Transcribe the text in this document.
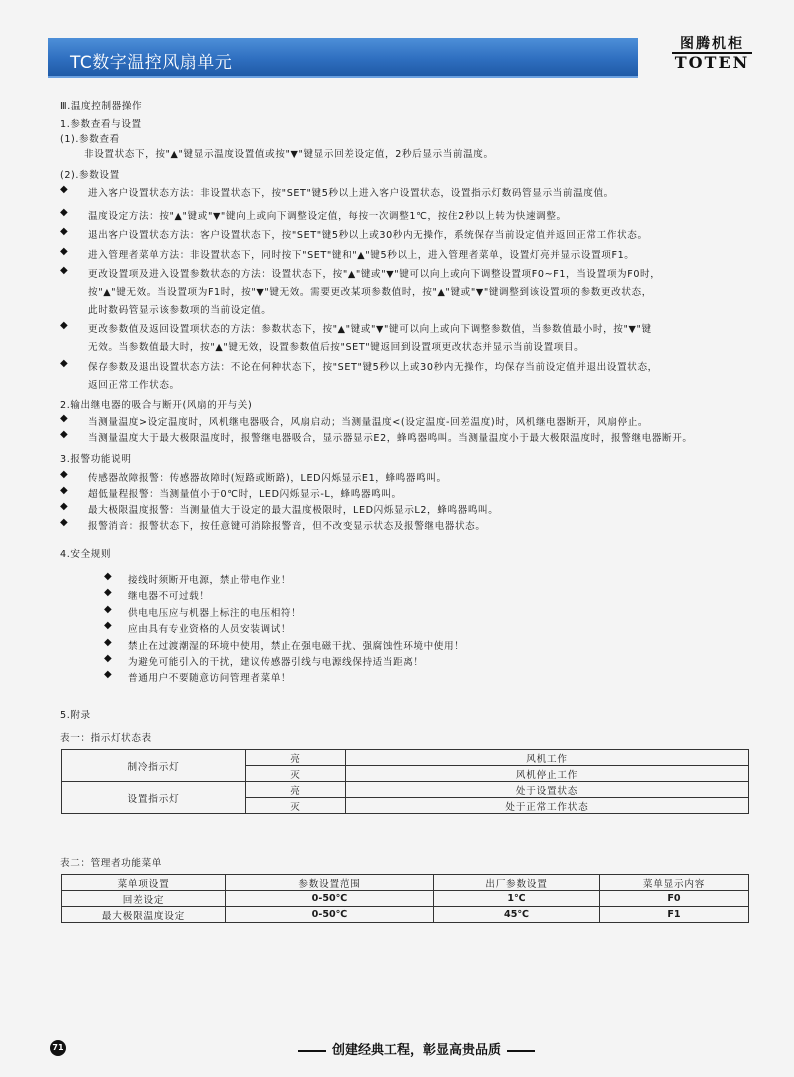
TC数字温控风扇单元
图腾机柜
TOTEN
Ⅲ.温度控制器操作
1.参数查看与设置
(1).参数查看
非设置状态下，按"▲"键显示温度设置值或按"▼"键显示回差设定值，2秒后显示当前温度。
(2).参数设置
◆ 进入客户设置状态方法：非设置状态下，按"SET"键5秒以上进入客户设置状态，设置指示灯数码管显示当前温度值。
◆ 温度设定方法：按"▲"键或"▼"键向上或向下调整设定值，每按一次调整1℃，按住2秒以上转为快速调整。
◆ 退出客户设置状态方法：客户设置状态下，按"SET"键5秒以上或30秒内无操作，系统保存当前设定值并返回正常工作状态。
◆ 进入管理者菜单方法：非设置状态下，同时按下"SET"键和"▲"键5秒以上，进入管理者菜单，设置灯亮并显示设置项F1。
◆ 更改设置项及进入设置参数状态的方法：设置状态下，按"▲"键或"▼"键可以向上或向下调整设置项F0~F1，当设置项为F0时，
按"▲"键无效。当设置项为F1时，按"▼"键无效。需要更改某项参数值时，按"▲"键或"▼"键调整到该设置项的参数更改状态，
此时数码管显示该参数项的当前设定值。
◆ 更改参数值及返回设置项状态的方法：参数状态下，按"▲"键或"▼"键可以向上或向下调整参数值，当参数值最小时，按"▼"键
无效。当参数值最大时，按"▲"键无效，设置参数值后按"SET"键返回到设置项更改状态并显示当前设置项目。
◆ 保存参数及退出设置状态方法：不论在何种状态下，按"SET"键5秒以上或30秒内无操作，均保存当前设定值并退出设置状态，
返回正常工作状态。
2.输出继电器的吸合与断开(风扇的开与关)
◆ 当测量温度>设定温度时，风机继电器吸合，风扇启动；当测量温度<(设定温度-回差温度)时，风机继电器断开，风扇停止。
◆ 当测量温度大于最大极限温度时，报警继电器吸合，显示器显示E2，蜂鸣器鸣叫。当测量温度小于最大极限温度时，报警继电器断开。
3.报警功能说明
◆ 传感器故障报警：传感器故障时(短路或断路)，LED闪烁显示E1，蜂鸣器鸣叫。
◆ 超低量程报警：当测量值小于0℃时，LED闪烁显示-L，蜂鸣器鸣叫。
◆ 最大极限温度报警：当测量值大于设定的最大温度极限时，LED闪烁显示L2，蜂鸣器鸣叫。
◆ 报警消音：报警状态下，按任意键可消除报警音，但不改变显示状态及报警继电器状态。
4.安全规则
◆ 接线时须断开电源，禁止带电作业！
◆ 继电器不可过载！
◆ 供电电压应与机器上标注的电压相符！
◆ 应由具有专业资格的人员安装调试！
◆ 禁止在过渡潮湿的环境中使用，禁止在强电磁干扰、强腐蚀性环境中使用！
◆ 为避免可能引入的干扰，建议传感器引线与电源线保持适当距离！
◆ 普通用户不要随意访问管理者菜单！
5.附录
表一：指示灯状态表
制冷指示灯	亮	风机工作
	灭	风机停止工作
设置指示灯	亮	处于设置状态
	灭	处于正常工作状态
表二：管理者功能菜单
菜单项设置	参数设置范围	出厂参数设置	菜单显示内容
回差设定	0-50℃	1℃	F0
最大极限温度设定	0-50℃	45℃	F1
71	创建经典工程，彰显高贵品质
